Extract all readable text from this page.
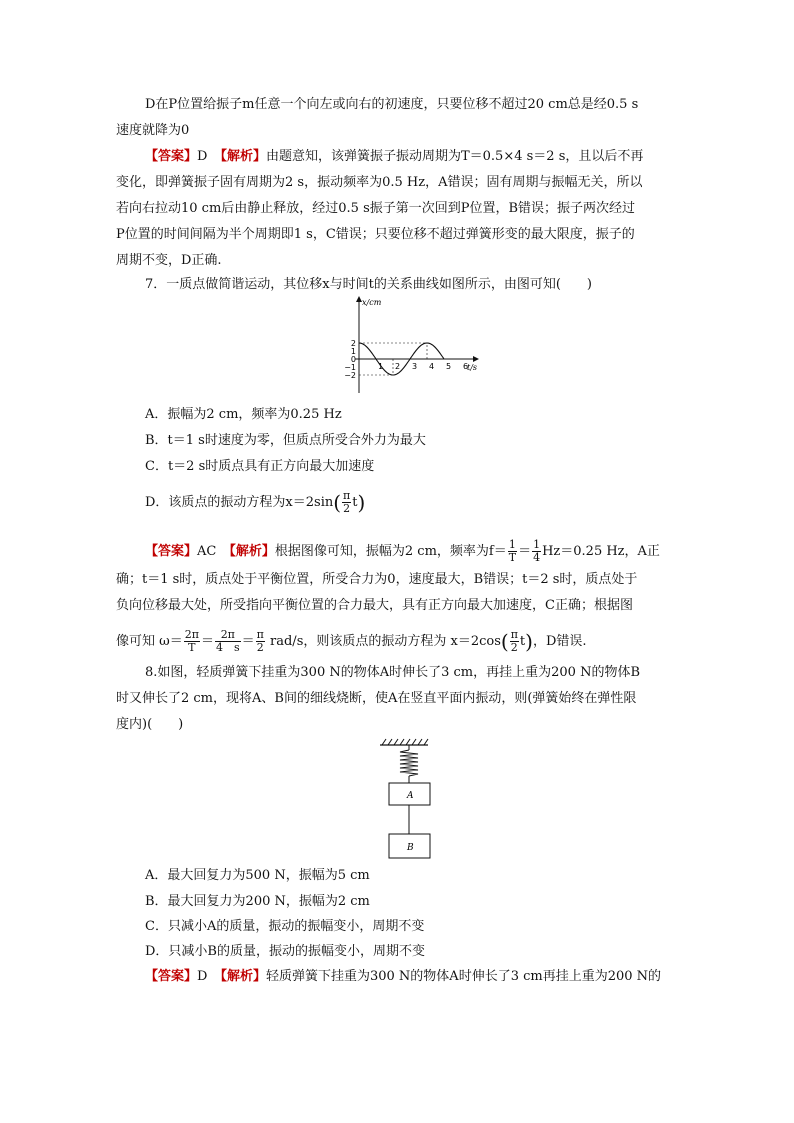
D在P位置给振子m任意一个向左或向右的初速度，只要位移不超过20 cm总是经0.5 s
速度就降为0
【答案】D　 【解析】由题意知，该弹簧振子振动周期为T＝0.5×4 s＝2 s，且以后不再
变化，即弹簧振子固有周期为2 s，振动频率为0.5 Hz，A错误；固有周期与振幅无关，所以
若向右拉动10 cm后由静止释放，经过0.5 s振子第一次回到P位置，B错误；振子两次经过
P位置的时间间隔为半个周期即1 s，C错误；只要位移不超过弹簧形变的最大限度，振子的
周期不变，D正确.
7．一质点做简谐运动，其位移x与时间t的关系曲线如图所示，由图可知(　　)
x/cm
t/s
2
1
0
−1
−2
1 2 3 4 5 6
A．振幅为2 cm，频率为0.25 Hz
B．t＝1 s时速度为零，但质点所受合外力为最大
C．t＝2 s时质点具有正方向最大加速度
D．该质点的振动方程为$x=2\sin( \frac{\pi}{2} t)$
【答案】AC　 【解析】根据图像可知，振幅为2 cm，频率为$f= \frac{1}{T} = \frac{1}{4} Hz=0.25$ Hz，A正
确；t＝1 s时，质点处于平衡位置，所受合力为0，速度最大，B错误；t＝2 s时，质点处于
负向位移最大处，所受指向平衡位置的合力最大，具有正方向最大加速度，C正确；根据图
像可知 $\omega= \frac{2\pi}{T} = \frac{2\pi}{4 s} = \frac{\pi}{2} rad/s$，则该质点的振动方程为 $x=2\cos( \frac{\pi}{2} t)$，D错误.
8.如图，轻质弹簧下挂重为300 N的物体A时伸长了3 cm，再挂上重为200 N的物体B
时又伸长了2 cm，现将A、B间的细线烧断，使A在竖直平面内振动，则(弹簧始终在弹性限
度内)(　　)
A
B
A．最大回复力为500 N，振幅为5 cm
B．最大回复力为200 N，振幅为2 cm
C．只减小A的质量，振动的振幅变小，周期不变
D．只减小B的质量，振动的振幅变小，周期不变
【答案】D　 【解析】轻质弹簧下挂重为300 N的物体A时伸长了3 cm再挂上重为200 N的
